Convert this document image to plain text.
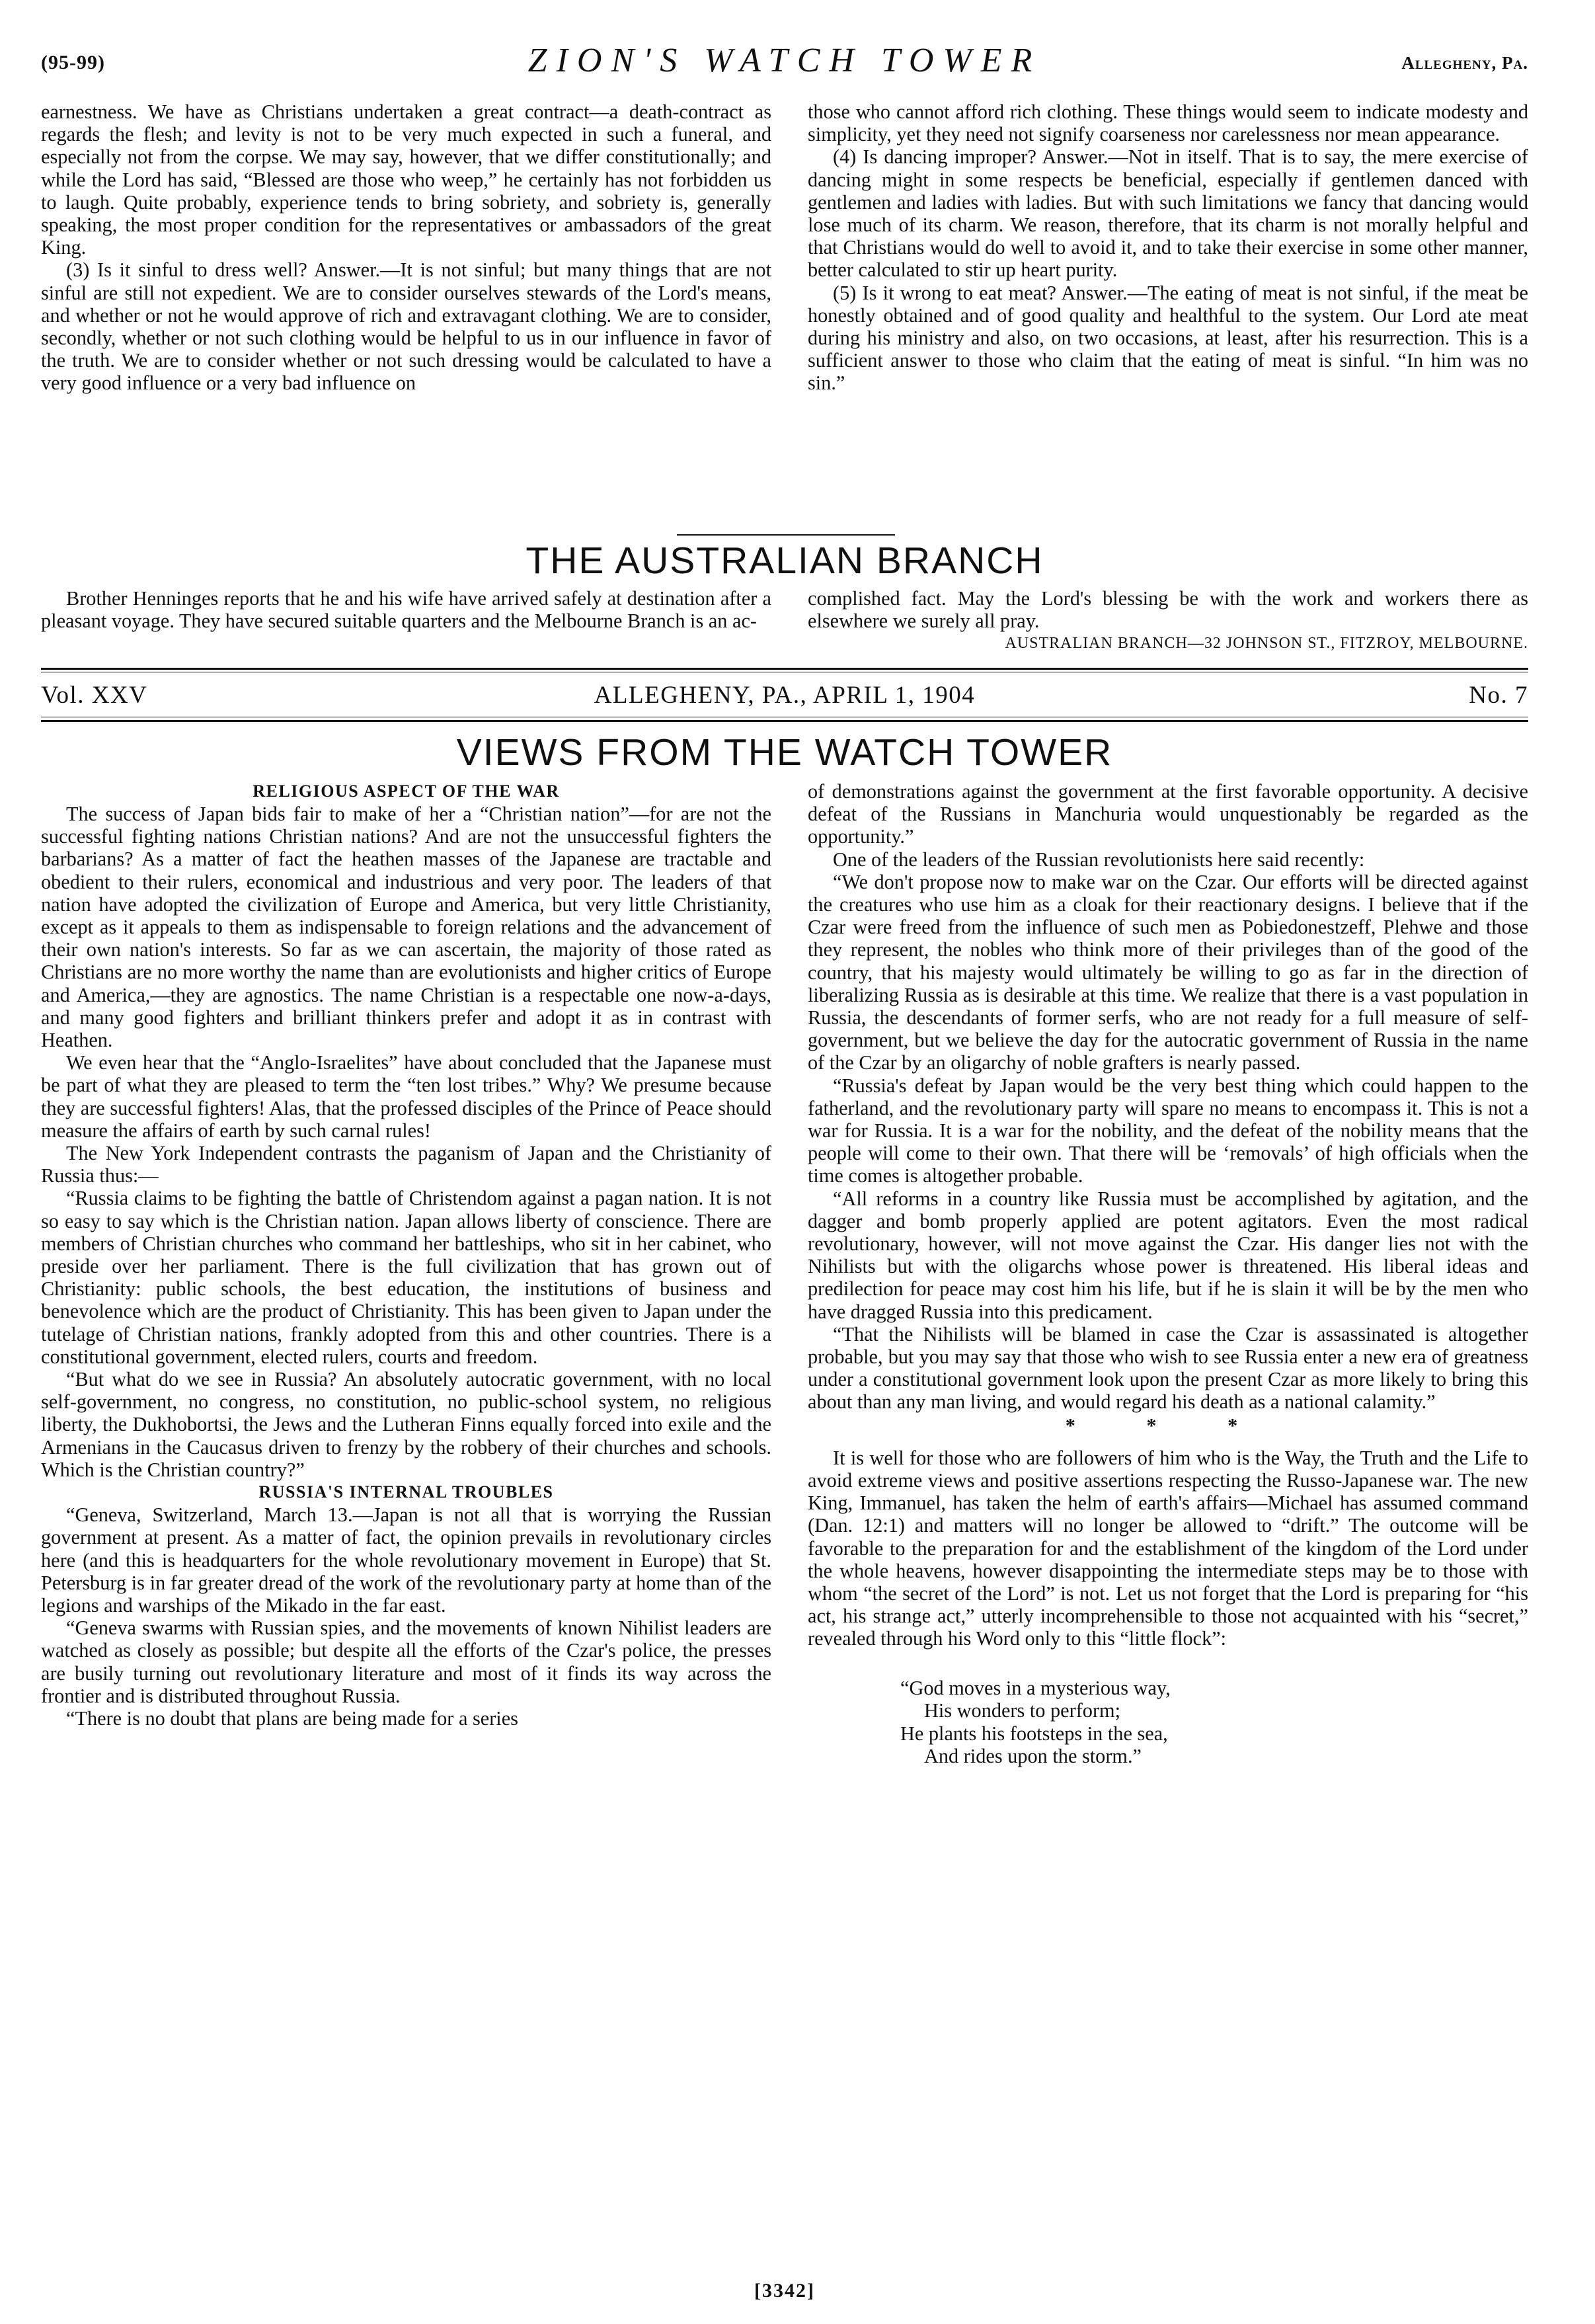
(95-99)	ZION'S WATCH TOWER	Allegheny, Pa.

earnestness. We have as Christians undertaken a great contract—a death-contract as regards the flesh; and levity is not to be very much expected in such a funeral, and especially not from the corpse. We may say, however, that we differ constitutionally; and while the Lord has said, “Blessed are those who weep,” he certainly has not forbidden us to laugh. Quite probably, experience tends to bring sobriety, and sobriety is, generally speaking, the most proper condition for the representatives or ambassadors of the great King.

(3) Is it sinful to dress well? Answer.—It is not sinful; but many things that are not sinful are still not expedient. We are to consider ourselves stewards of the Lord's means, and whether or not he would approve of rich and extravagant clothing. We are to consider, secondly, whether or not such clothing would be helpful to us in our influence in favor of the truth. We are to consider whether or not such dressing would be calculated to have a very good influence or a very bad influence on

those who cannot afford rich clothing. These things would seem to indicate modesty and simplicity, yet they need not signify coarseness nor carelessness nor mean appearance.

(4) Is dancing improper? Answer.—Not in itself. That is to say, the mere exercise of dancing might in some respects be beneficial, especially if gentlemen danced with gentlemen and ladies with ladies. But with such limitations we fancy that dancing would lose much of its charm. We reason, therefore, that its charm is not morally helpful and that Christians would do well to avoid it, and to take their exercise in some other manner, better calculated to stir up heart purity.

(5) Is it wrong to eat meat? Answer.—The eating of meat is not sinful, if the meat be honestly obtained and of good quality and healthful to the system. Our Lord ate meat during his ministry and also, on two occasions, at least, after his resurrection. This is a sufficient answer to those who claim that the eating of meat is sinful. “In him was no sin.”

THE AUSTRALIAN BRANCH

Brother Henninges reports that he and his wife have arrived safely at destination after a pleasant voyage. They have secured suitable quarters and the Melbourne Branch is an ac-

complished fact. May the Lord's blessing be with the work and workers there as elsewhere we surely all pray.

AUSTRALIAN BRANCH—32 JOHNSON ST., FITZROY, MELBOURNE.

Vol. XXV	ALLEGHENY, PA., APRIL 1, 1904	No. 7
VIEWS FROM THE WATCH TOWER

RELIGIOUS ASPECT OF THE WAR

The success of Japan bids fair to make of her a “Christian nation”—for are not the successful fighting nations Christian nations? And are not the unsuccessful fighters the barbarians? As a matter of fact the heathen masses of the Japanese are tractable and obedient to their rulers, economical and industrious and very poor. The leaders of that nation have adopted the civilization of Europe and America, but very little Christianity, except as it appeals to them as indispensable to foreign relations and the advancement of their own nation's interests. So far as we can ascertain, the majority of those rated as Christians are no more worthy the name than are evolutionists and higher critics of Europe and America,—they are agnostics. The name Christian is a respectable one now-a-days, and many good fighters and brilliant thinkers prefer and adopt it as in contrast with Heathen.

We even hear that the “Anglo-Israelites” have about concluded that the Japanese must be part of what they are pleased to term the “ten lost tribes.” Why? We presume because they are successful fighters! Alas, that the professed disciples of the Prince of Peace should measure the affairs of earth by such carnal rules!

The New York Independent contrasts the paganism of Japan and the Christianity of Russia thus:—

“Russia claims to be fighting the battle of Christendom against a pagan nation. It is not so easy to say which is the Christian nation. Japan allows liberty of conscience. There are members of Christian churches who command her battleships, who sit in her cabinet, who preside over her parliament. There is the full civilization that has grown out of Christianity: public schools, the best education, the institutions of business and benevolence which are the product of Christianity. This has been given to Japan under the tutelage of Christian nations, frankly adopted from this and other countries. There is a constitutional government, elected rulers, courts and freedom.

“But what do we see in Russia? An absolutely autocratic government, with no local self-government, no congress, no constitution, no public-school system, no religious liberty, the Dukhobortsi, the Jews and the Lutheran Finns equally forced into exile and the Armenians in the Caucasus driven to frenzy by the robbery of their churches and schools. Which is the Christian country?”

RUSSIA'S INTERNAL TROUBLES

“Geneva, Switzerland, March 13.—Japan is not all that is worrying the Russian government at present. As a matter of fact, the opinion prevails in revolutionary circles here (and this is headquarters for the whole revolutionary movement in Europe) that St. Petersburg is in far greater dread of the work of the revolutionary party at home than of the legions and warships of the Mikado in the far east.

“Geneva swarms with Russian spies, and the movements of known Nihilist leaders are watched as closely as possible; but despite all the efforts of the Czar's police, the presses are busily turning out revolutionary literature and most of it finds its way across the frontier and is distributed throughout Russia.

“There is no doubt that plans are being made for a series

of demonstrations against the government at the first favorable opportunity. A decisive defeat of the Russians in Manchuria would unquestionably be regarded as the opportunity.”

One of the leaders of the Russian revolutionists here said recently:

“We don't propose now to make war on the Czar. Our efforts will be directed against the creatures who use him as a cloak for their reactionary designs. I believe that if the Czar were freed from the influence of such men as Pobiedonestzeff, Plehwe and those they represent, the nobles who think more of their privileges than of the good of the country, that his majesty would ultimately be willing to go as far in the direction of liberalizing Russia as is desirable at this time. We realize that there is a vast population in Russia, the descendants of former serfs, who are not ready for a full measure of self-government, but we believe the day for the autocratic government of Russia in the name of the Czar by an oligarchy of noble grafters is nearly passed.

“Russia's defeat by Japan would be the very best thing which could happen to the fatherland, and the revolutionary party will spare no means to encompass it. This is not a war for Russia. It is a war for the nobility, and the defeat of the nobility means that the people will come to their own. That there will be ‘removals’ of high officials when the time comes is altogether probable.

“All reforms in a country like Russia must be accomplished by agitation, and the dagger and bomb properly applied are potent agitators. Even the most radical revolutionary, however, will not move against the Czar. His danger lies not with the Nihilists but with the oligarchs whose power is threatened. His liberal ideas and predilection for peace may cost him his life, but if he is slain it will be by the men who have dragged Russia into this predicament.

“That the Nihilists will be blamed in case the Czar is assassinated is altogether probable, but you may say that those who wish to see Russia enter a new era of greatness under a constitutional government look upon the present Czar as more likely to bring this about than any man living, and would regard his death as a national calamity.”

* * *

It is well for those who are followers of him who is the Way, the Truth and the Life to avoid extreme views and positive assertions respecting the Russo-Japanese war. The new King, Immanuel, has taken the helm of earth's affairs—Michael has assumed command (Dan. 12:1) and matters will no longer be allowed to “drift.” The outcome will be favorable to the preparation for and the establishment of the kingdom of the Lord under the whole heavens, however disappointing the intermediate steps may be to those with whom “the secret of the Lord” is not. Let us not forget that the Lord is preparing for “his act, his strange act,” utterly incomprehensible to those not acquainted with his “secret,” revealed through his Word only to this “little flock”:

“God moves in a mysterious way,
His wonders to perform;
He plants his footsteps in the sea,
And rides upon the storm.”
[3342]
